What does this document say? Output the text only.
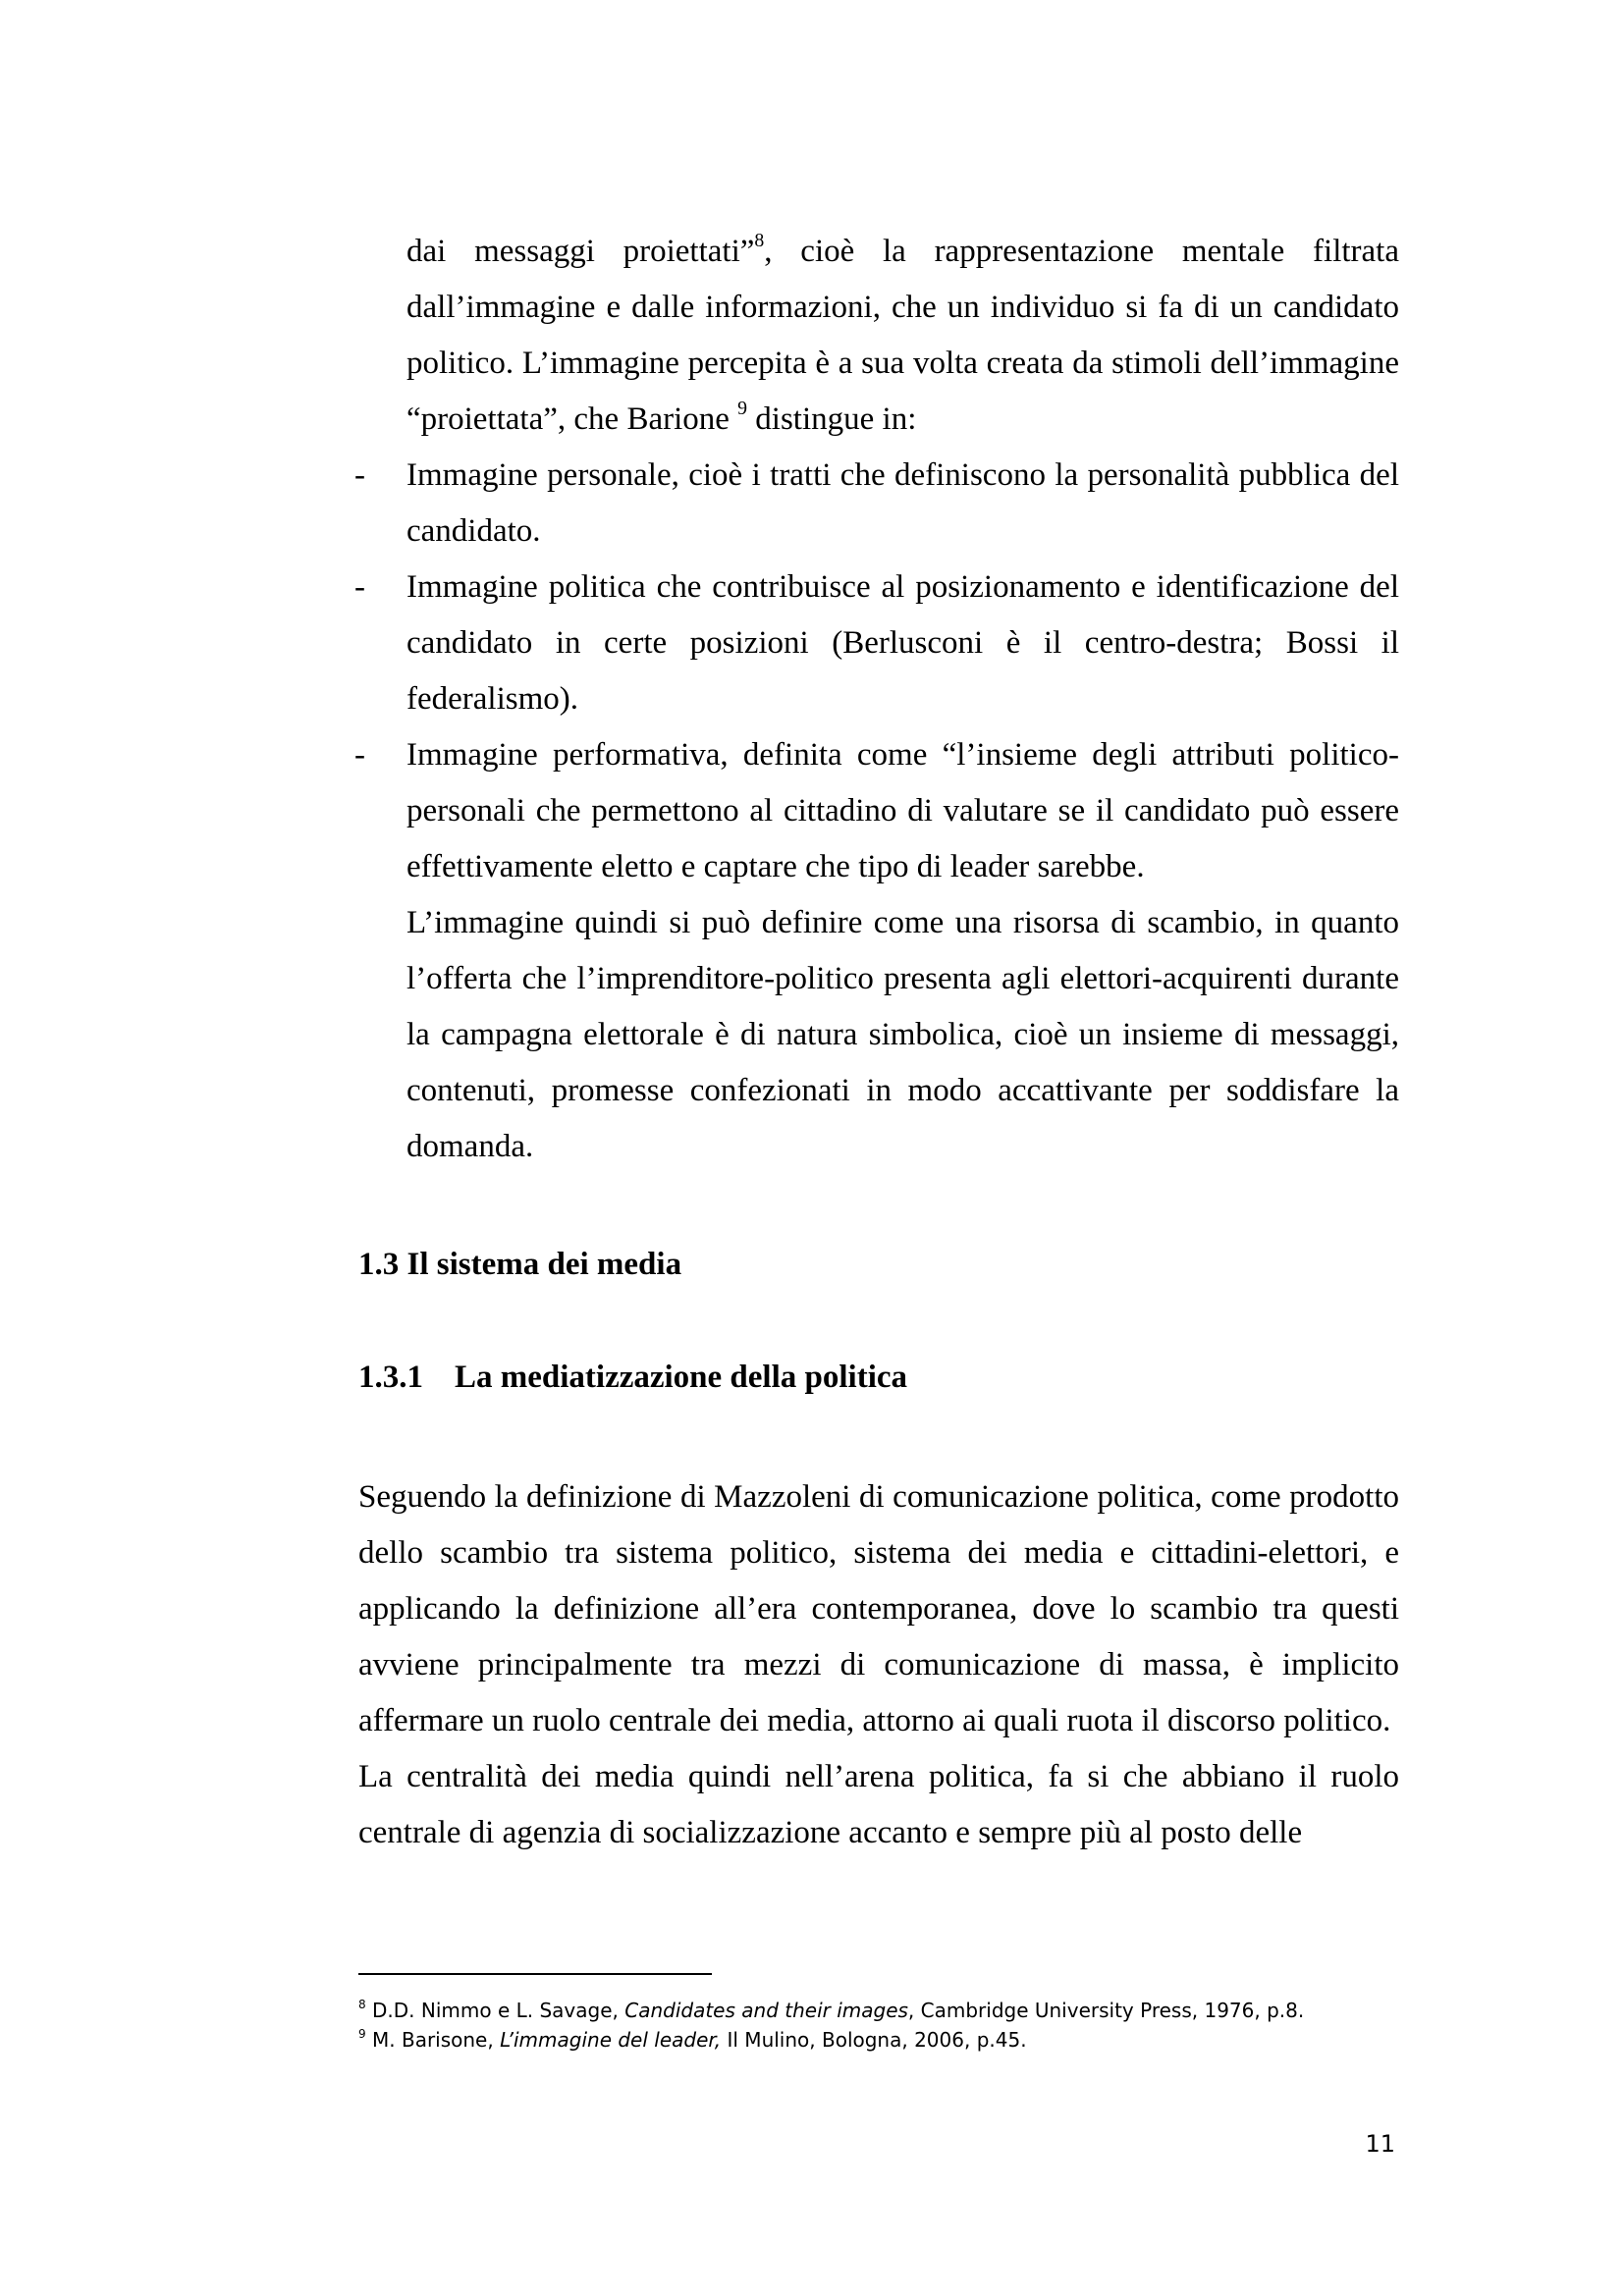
dai messaggi proiettati”$^8$, cioè la rappresentazione mentale filtrata dall’immagine e dalle informazioni, che un individuo si fa di un candidato politico. L’immagine percepita è a sua volta creata da stimoli dell’immagine “proiettata”, che Barione $^9$ distingue in:

- Immagine personale, cioè i tratti che definiscono la personalità pubblica del candidato.

- Immagine politica che contribuisce al posizionamento e identificazione del candidato in certe posizioni (Berlusconi è il centro-destra; Bossi il federalismo).

- Immagine performativa, definita come “l’insieme degli attributi politico-personali che permettono al cittadino di valutare se il candidato può essere effettivamente eletto e captare che tipo di leader sarebbe.

L’immagine quindi si può definire come una risorsa di scambio, in quanto l’offerta che l’imprenditore-politico presenta agli elettori-acquirenti durante la campagna elettorale è di natura simbolica, cioè un insieme di messaggi, contenuti, promesse confezionati in modo accattivante per soddisfare la domanda.

1.3 Il sistema dei media
1.3.1 La mediatizzazione della politica

Seguendo la definizione di Mazzoleni di comunicazione politica, come prodotto dello scambio tra sistema politico, sistema dei media e cittadini-elettori, e applicando la definizione all’era contemporanea, dove lo scambio tra questi avviene principalmente tra mezzi di comunicazione di massa, è implicito affermare un ruolo centrale dei media, attorno ai quali ruota il discorso politico.

La centralità dei media quindi nell’arena politica, fa si che abbiano il ruolo centrale di agenzia di socializzazione accanto e sempre più al posto delle

$^8$ D.D. Nimmo e L. Savage, Candidates and their images, Cambridge University Press, 1976, p.8.

$^9$ M. Barisone, L’immagine del leader, Il Mulino, Bologna, 2006, p.45.

11
